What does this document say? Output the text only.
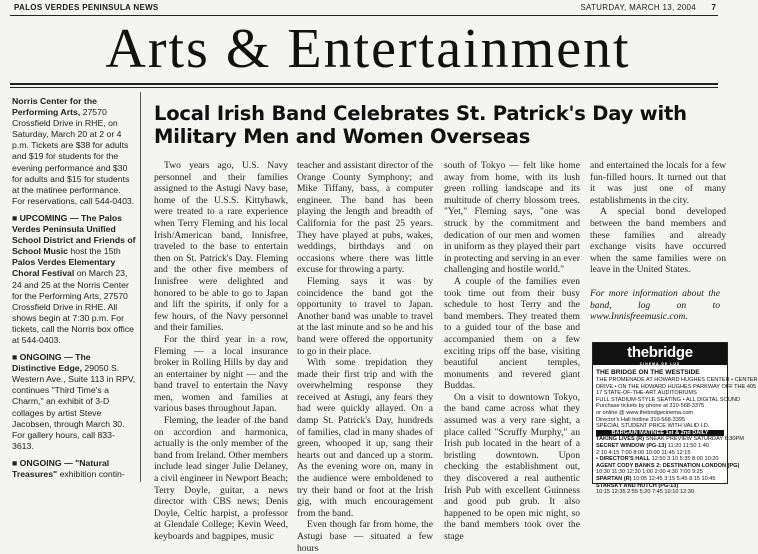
PALOS VERDES PENINSULA NEWS	SATURDAY, MARCH 13, 2004 7
Arts & Entertainment

Norris Center for the Performing Arts, 27570 Crossfield Drive in RHE, on Saturday, March 20 at 2 or 4 p.m. Tickets are $38 for adults and $19 for students for the evening performance and $30 for adults and $15 for students at the matinee performance. For reservations, call 544-0403.

■ UPCOMING — The Palos Verdes Peninsula Unified School District and Friends of School Music host the 15th Palos Verdes Elementary Choral Festival on March 23, 24 and 25 at the Norris Center for the Performing Arts, 27570 Crossfield Drive in RHE. All shows begin at 7:30 p.m. For tickets, call the Norris box office at 544-0403.

■ ONGOING — The Distinctive Edge, 29050 S. Western Ave., Suite 113 in RPV, continues "Third Time's a Charm," an exhibit of 3-D collages by artist Steve Jacobsen, through March 30. For gallery hours, call 833-3613.

■ ONGOING — "Natural Treasures" exhibition contin-

Local Irish Band Celebrates St. Patrick's Day with Military Men and Women Overseas

Two years ago, U.S. Navy personnel and their families assigned to the Astugi Navy base, home of the U.S.S. Kittyhawk, were treated to a rare experience when Terry Fleming and his local Irish/American band, Innisfree, traveled to the base to entertain then on St. Patrick's Day. Fleming and the other five members of Innisfree were delighted and honored to be able to go to Japan and lift the spirits, if only for a few hours, of the Navy personnel and their families.

For the third year in a row, Fleming — a local insurance broker in Rolling Hills by day and an entertainer by night — and the band travel to entertain the Navy men, women and families at various bases throughout Japan.

Fleming, the leader of the band on accordion and harmonica, actually is the only member of the band from Ireland. Other members include lead singer Julie Delaney, a civil engineer in Newport Beach; Terry Doyle, guitar, a news director with CBS news; Denis Doyle, Celtic harpist, a professor at Glendale College; Kevin Weed, keyboards and bagpipes, music

teacher and assistant director of the Orange County Symphony; and Mike Tiffany, bass, a computer engineer. The band has been playing the length and breadth of California for the past 25 years. They have played at pubs, wakes, weddings, birthdays and on occasions where there was little excuse for throwing a party.

Fleming says it was by coincidence the band got the opportunity to travel to Japan. Another band was unable to travel at the last minute and so he and his band were offered the opportunity to go in their place.

With some trepidation they made their first trip and with the overwhelming response they received at Astugi, any fears they had were quickly allayed. On a damp St. Patrick's Day, hundreds of families, clad in many shades of green, whooped it up, sang their hearts out and danced up a storm. As the evening wore on, many in the audience were emboldened to try their hand or foot at the Irish gig, with much encouragement from the band.

Even though far from home, the Astugi base — situated a few hours

south of Tokyo — felt like home away from home, with its lush green rolling landscape and its multitude of cherry blossom trees. "Yet," Fleming says, "one was struck by the commitment and dedication of our men and women in uniform as they played their part in protecting and serving in an ever challenging and hostile world."

A couple of the families even took time out from their busy schedule to host Terry and the band members. They treated them to a guided tour of the base and accompanied them on a few exciting trips off the base, visiting beautiful ancient temples, monuments and revered giant Buddas.

On a visit to downtown Tokyo, the band came across what they assumed was a very rare sight, a place called "Scruffy Murphy," an Irish pub located in the heart of a bristling downtown. Upon checking the establishment out, they discovered a real authentic Irish Pub with excellent Guinness and good pub grub. It also happened to be open mic night, so the band members took over the stage

and entertained the locals for a few fun-filled hours. It turned out that it was just one of many establishments in the city.

A special bond developed between the band members and these families and already exchange visits have occurred when the same families were on leave in the United States.

For more information about the band, log on to www.Innisfreemusic.com.
thebridge
CINEMA DE LUX
THE BRIDGE ON THE WESTSIDE
THE PROMENADE AT HOWARD HUGHES CENTER • CENTER
DRIVE • ON THE HOWARD HUGHES PARKWAY OFF THE 405
17 STATE-OF-THE-ART AUDITORIUMS
FULL STADIUM-STYLE SEATING • ALL DIGITAL SOUND
Purchase tickets by phone at 310-568-3375
or online @ www.thebridgecinema.com
Director's Hall hotline 310-568-3395
SPECIAL STUDENT PRICE WITH VALID I.D.
BARGAIN MATINEE 1st & 2nd DAILY
TAKING LIVES (R) SNEAK PREVIEW SATURDAY 6:30PM
SECRET WINDOW (PG-13) 11:20 11:50 1:40
2:10 4:15 7:00 8:00 10:00 11:45 12:15
• DIRECTOR'S HALL 12:50 3:10 5:35 8:00 10:20
AGENT CODY BANKS 2: DESTINATION LONDON (PG)
10:30 11:30 12:30 1:00 2:00 4:30 7:00 9:25
SPARTAN (R) 10:05 12:45 3:15 5:45 8:15 10:45
STARSKY AND HUTCH (PG-13)
10:15 12:35 2:55 5:20 7:45 10:10 12:30
